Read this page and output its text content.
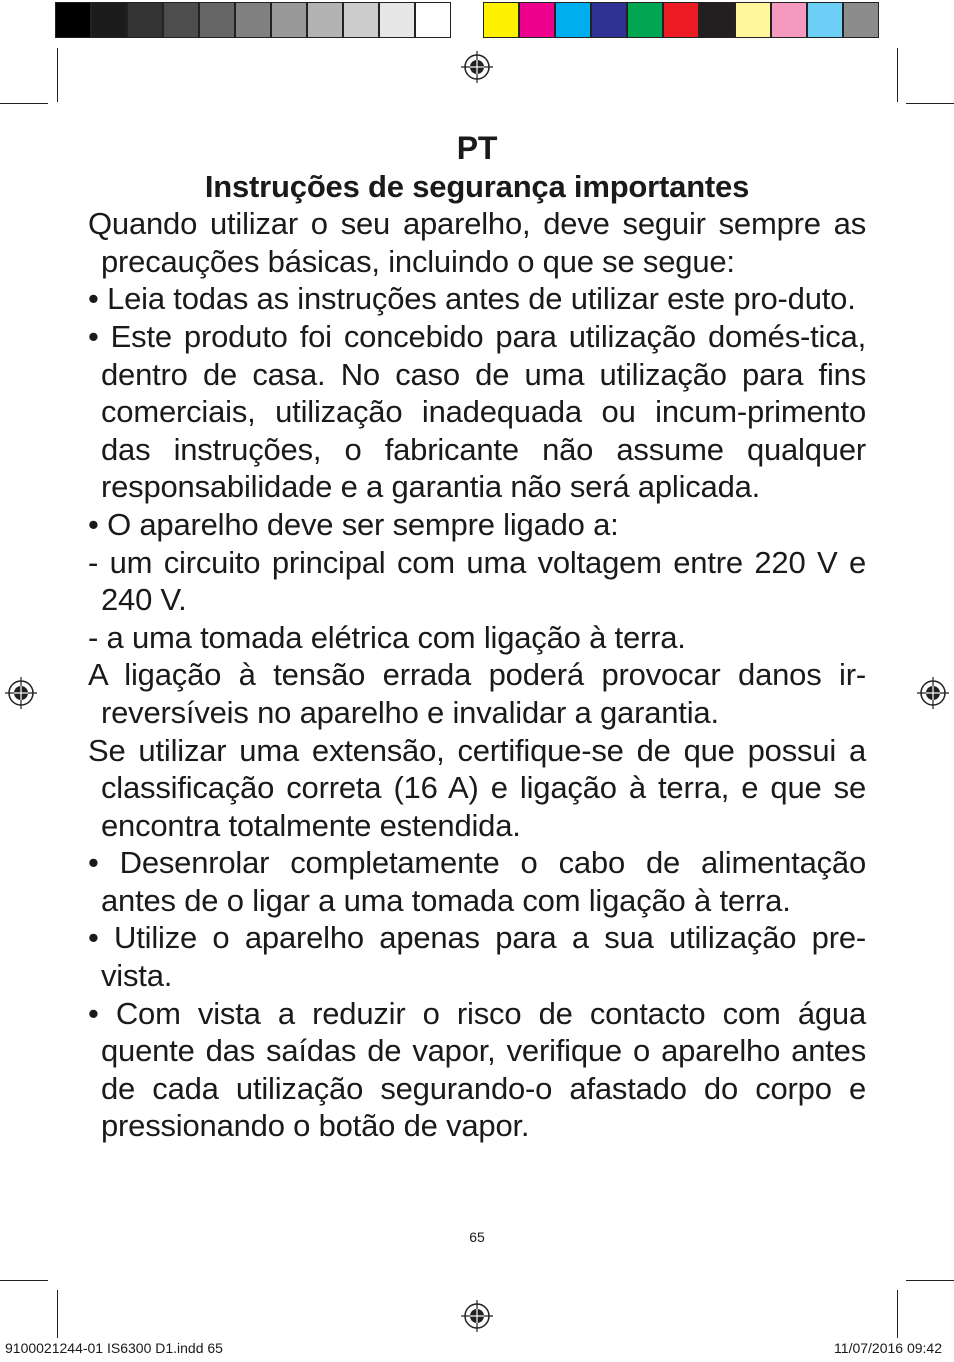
PT
Instruções de segurança importantes
Quando utilizar o seu aparelho, deve seguir sempre as precauções básicas, incluindo o que se segue:
• Leia todas as instruções antes de utilizar este pro-duto.
• Este produto foi concebido para utilização domés-tica, dentro de casa. No caso de uma utilização para fins comerciais, utilização inadequada ou incum-primento das instruções, o fabricante não assume qualquer responsabilidade e a garantia não será aplicada.
• O aparelho deve ser sempre ligado a:
- um circuito principal com uma voltagem entre 220 V e 240 V.
- a uma tomada elétrica com ligação à terra.
A ligação à tensão errada poderá provocar danos ir-reversíveis no aparelho e invalidar a garantia.
Se utilizar uma extensão, certifique-se de que possui a classificação correta (16 A) e ligação à terra, e que se encontra totalmente estendida.
• Desenrolar completamente o cabo de alimentação antes de o ligar a uma tomada com ligação à terra.
• Utilize o aparelho apenas para a sua utilização pre-vista.
• Com vista a reduzir o risco de contacto com água quente das saídas de vapor, verifique o aparelho antes de cada utilização segurando-o afastado do corpo e pressionando o botão de vapor.
65
9100021244-01 IS6300 D1.indd 65	11/07/2016 09:42
